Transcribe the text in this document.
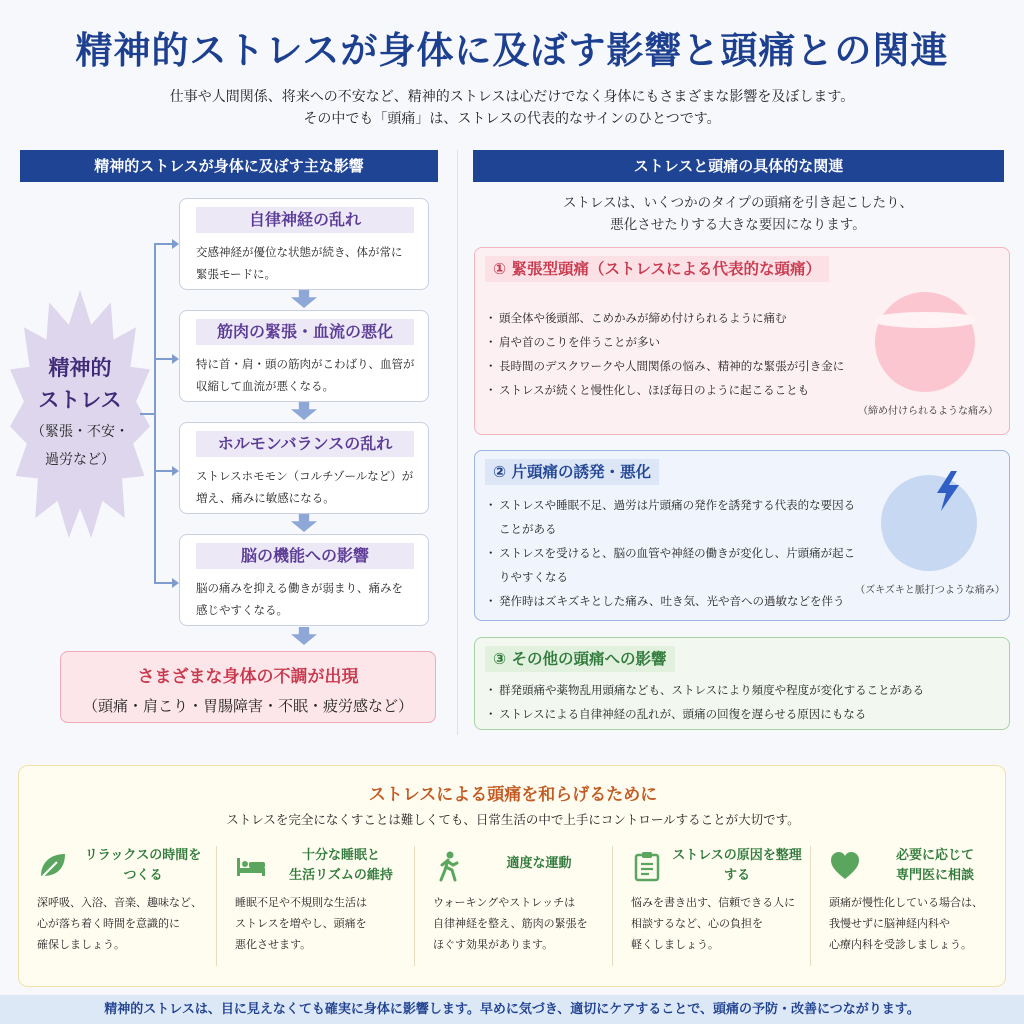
精神的ストレスが身体に及ぼす影響と頭痛との関連
仕事や人間関係、将来への不安など、精神的ストレスは心だけでなく身体にもさまざまな影響を及ぼします。
その中でも「頭痛」は、ストレスの代表的なサインのひとつです。
精神的ストレスが身体に及ぼす主な影響
精神的
ストレス
（緊張・不安・
過労など）
自律神経の乱れ
交感神経が優位な状態が続き、体が常に
緊張モードに。
筋肉の緊張・血流の悪化
特に首・肩・頭の筋肉がこわばり、血管が
収縮して血流が悪くなる。
ホルモンバランスの乱れ
ストレスホモモン（コルチゾールなど）が
増え、痛みに敏感になる。
脳の機能への影響
脳の痛みを抑える働きが弱まり、痛みを
感じやすくなる。
さまざまな身体の不調が出現
（頭痛・肩こり・胃腸障害・不眠・疲労感など）
ストレスと頭痛の具体的な関連
ストレスは、いくつかのタイプの頭痛を引き起こしたり、
悪化させたりする大きな要因になります。
① 緊張型頭痛（ストレスによる代表的な頭痛）
・ 頭全体や後頭部、こめかみが締め付けられるように痛む
・ 肩や首のこりを伴うことが多い
・ 長時間のデスクワークや人間関係の悩み、精神的な緊張が引き金に
・ ストレスが続くと慢性化し、ほぼ毎日のように起こることも
（締め付けられるような痛み）
② 片頭痛の誘発・悪化
・ ストレスや睡眠不足、過労は片頭痛の発作を誘発する代表的な要因ることがある
・ ストレスを受けると、脳の血管や神経の働きが変化し、片頭痛が起こりやすくなる
・ 発作時はズキズキとした痛み、吐き気、光や音への過敏などを伴う
（ズキズキと脈打つような痛み）
③ その他の頭痛への影響
・ 群発頭痛や薬物乱用頭痛なども、ストレスにより頻度や程度が変化することがある
・ ストレスによる自律神経の乱れが、頭痛の回復を遅らせる原因にもなる
ストレスによる頭痛を和らげるために
ストレスを完全になくすことは難しくても、日常生活の中で上手にコントロールすることが大切です。
リラックスの時間を
つくる
深呼吸、入浴、音楽、趣味など、
心が落ち着く時間を意識的に
確保しましょう。
十分な睡眠と
生活リズムの維持
睡眠不足や不規則な生活は
ストレスを増やし、頭痛を
悪化させます。
適度な運動
ウォーキングやストレッチは
自律神経を整え、筋肉の緊張を
ほぐす効果があります。
ストレスの原因を整理
する
悩みを書き出す、信頼できる人に
相談するなど、心の負担を
軽くしましょう。
必要に応じて
専門医に相談
頭痛が慢性化している場合は、
我慢せずに脳神経内科や
心療内科を受診しましょう。
精神的ストレスは、目に見えなくても確実に身体に影響します。早めに気づき、適切にケアすることで、頭痛の予防・改善につながります。
